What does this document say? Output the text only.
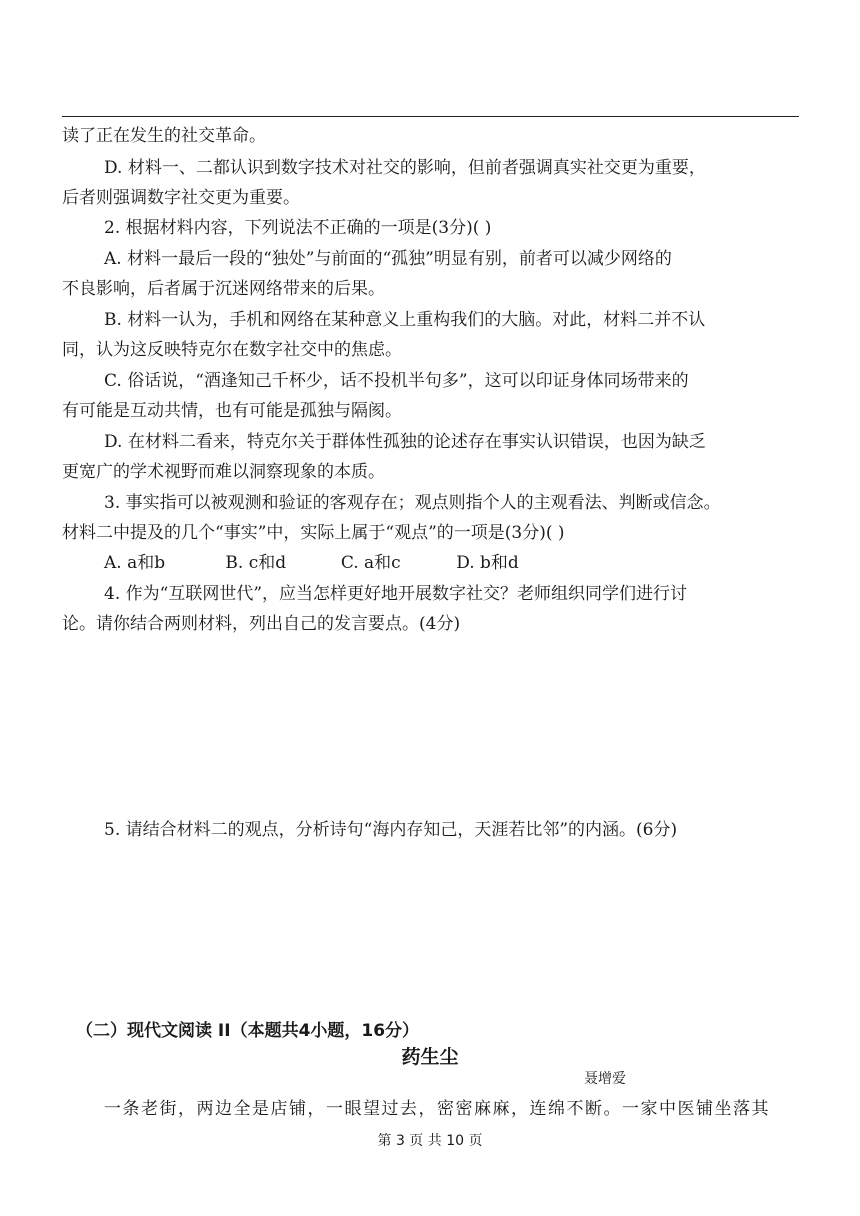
读了正在发生的社交革命。
D. 材料一、二都认识到数字技术对社交的影响，但前者强调真实社交更为重要，
后者则强调数字社交更为重要。
2. 根据材料内容，下列说法不正确的一项是(3分)( )
A. 材料一最后一段的“独处”与前面的“孤独”明显有别，前者可以减少网络的
不良影响，后者属于沉迷网络带来的后果。
B. 材料一认为，手机和网络在某种意义上重构我们的大脑。对此，材料二并不认
同，认为这反映特克尔在数字社交中的焦虑。
C. 俗话说，“酒逢知己千杯少，话不投机半句多”，这可以印证身体同场带来的
有可能是互动共情，也有可能是孤独与隔阂。
D. 在材料二看来，特克尔关于群体性孤独的论述存在事实认识错误，也因为缺乏
更宽广的学术视野而难以洞察现象的本质。
3. 事实指可以被观测和验证的客观存在；观点则指个人的主观看法、判断或信念。
材料二中提及的几个“事实”中，实际上属于“观点”的一项是(3分)( )
A. a和b	B. c和d	C. a和c	D. b和d
4. 作为“互联网世代”，应当怎样更好地开展数字社交？老师组织同学们进行讨
论。请你结合两则材料，列出自己的发言要点。(4分)
5. 请结合材料二的观点，分析诗句“海内存知己，天涯若比邻”的内涵。(6分)
（二）现代文阅读 II（本题共4小题，16分）
药生尘
聂增爱
一条老街，两边全是店铺，一眼望过去，密密麻麻，连绵不断。一家中医铺坐落其
第 3 页 共 10 页
